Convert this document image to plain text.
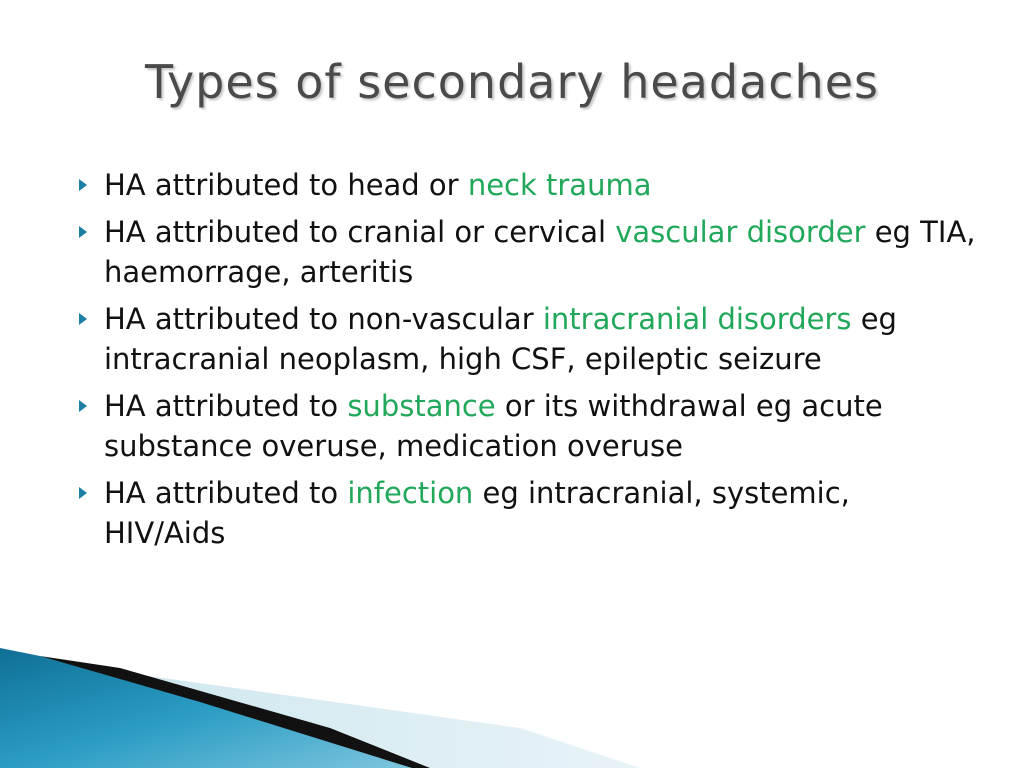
Types of secondary headaches
HA attributed to head or neck trauma
HA attributed to cranial or cervical vascular disorder eg TIA, haemorrage, arteritis
HA attributed to non-vascular intracranial disorders eg intracranial neoplasm, high CSF, epileptic seizure
HA attributed to substance or its withdrawal eg acute substance overuse, medication overuse
HA attributed to infection eg intracranial, systemic, HIV/Aids
